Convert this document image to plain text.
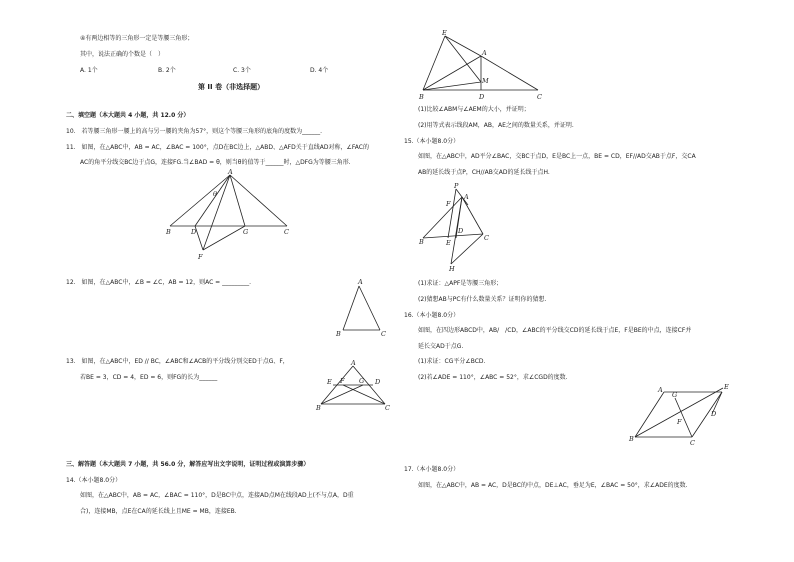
④有两边相等的三角形一定是等腰三角形；
其中，说法正确的个数是（　）
A. 1个	B. 2个	C. 3个	D. 4个
第 II 卷（非选择题）
二、填空题（本大题共 4 小题，共 12.0 分）
10.　若等腰三角形一腰上的高与另一腰的夹角为57°，则这个等腰三角形的底角的度数为______.
11.　如图，在△ABC中，AB = AC，∠BAC = 100°，点D在BC边上，△ABD、△AFD关于直线AD对称，∠FAC的
AC的角平分线交BC边于点G，连接FG.当∠BAD = θ，则当θ的值等于______时，△DFG为等腰三角形.
A
B	D	G	C
F
θ
12.　如图，在△ABC中，∠B = ∠C，AB = 12，则AC = _________.	A
B	C
13.　如图，在△ABC中，ED // BC，∠ABC和∠ACB的平分线分别交ED于点G、F，
若BE = 3，CD = 4，ED = 6，则FG的长为______
A
E F G D
B	C
三、解答题（本大题共 7 小题，共 56.0 分，解答应写出文字说明，证明过程或演算步骤）
14.（本小题8.0分）
如图，在△ABC中，AB = AC，∠BAC = 110°，D是BC中点，连接AD点M在线段AD上(不与点A，D重
合)，连接MB，点E在CA的延长线上且ME = MB，连接EB.
E
A
M
B	D	C
(1)比较∠ABM与∠AEM的大小，并证明；
(2)用等式表示线段AM，AB，AE之间的数量关系，并证明.
15.（本小题8.0分）
如图，在△ABC中，AD平分∠BAC，交BC于点D，E是BC上一点，BE = CD，EF//AD交AB于点F，交CA
AB的延长线于点P，CH//AB交AD的延长线于点H.
P
F
A
B	E
D
C
H
(1)求证：△APF是等腰三角形；
(2)猜想AB与PC有什么数量关系？证明你的猜想.
16.（本小题8.0分）
如图，在四边形ABCD中，AB/　/CD，∠ABC的平分线交CD的延长线于点E，F是BE的中点，连接CF并
延长交AD于点G.
(1)求证：CG平分∠BCD.
(2)若∠ADE = 110°，∠ABC = 52°，求∠CGD的度数.
A
G
E
D
F
B	C
17.（本小题8.0分）
如图，在△ABC中，AB = AC，D是BC的中点，DE⊥AC，垂足为E，∠BAC = 50°，求∠ADE的度数.
